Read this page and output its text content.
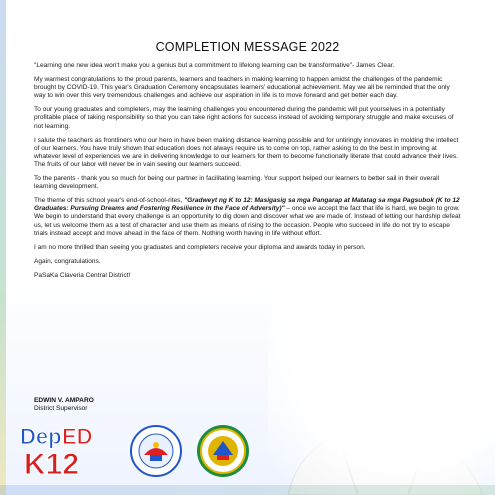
COMPLETION MESSAGE 2022

"Learning one new idea won't make you a genius but a commitment to lifelong learning can be transformative"- James Clear.

My warmest congratulations to the proud parents, learners and teachers in making learning to happen amidst the challenges of the pandemic brought by COVID-19. This year's Graduation Ceremony encapsulates learners' educational achievement. May we all be reminded that the only way to win over this very tremendous challenges and achieve our aspiration in life is to move forward and get better each day.

To our young graduates and completers, may the learning challenges you encountered during the pandemic will put yourselves in a potentially profitable place of taking responsibility so that you can take right actions for success instead of avoiding temporary struggle and make excuses of not learning.

I salute the teachers as frontliners who our hero in have been making distance learning possible and for untiringly innovates in molding the intellect of our learners. You have truly shown that education does not always require us to come on top, rather asking to do the best in improving at whatever level of experiences we are in delivering knowledge to our learners for them to become functionally literate that could advance their lives. The fruits of our labor will never be in vain seeing our learners succeed.

To the parents - thank you so much for being our partner in facilitating learning. Your support helped our learners to better sail in their overall learning development.

The theme of this school year's end-of-school-rites, "Gradweyt ng K to 12: Masigasig sa mga Pangarap at Matatag sa mga Pagsubok (K to 12 Graduates: Pursuing Dreams and Fostering Resilience in the Face of Adversity)" – once we accept the fact that life is hard, we begin to grow. We begin to understand that every challenge is an opportunity to dig down and discover what we are made of. Instead of letting our hardship defeat us, let us welcome them as a test of character and use them as means of rising to the occasion. People who succeed in life do not try to escape trials instead accept and move ahead in the face of them. Nothing worth having in life without effort.

I am no more thrilled than seeing you graduates and completers receive your diploma and awards today in person.

Again, congratulations.

PaSaKa Claveria Central District!

EDWIN V. AMPARO
District Supervisor
Dep ED
K12
